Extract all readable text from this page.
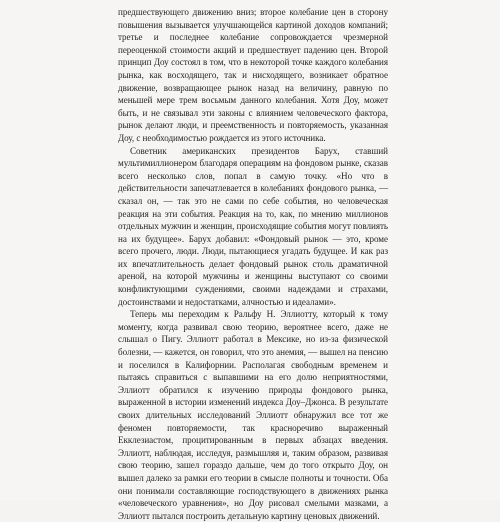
предшествующего движению вниз; второе колебание цен в сторону повышения вызывается улучшающейся картиной доходов компаний; третье и последнее колебание сопровождается чрезмерной переоценкой стоимости акций и предшествует падению цен. Второй принцип Доу состоял в том, что в некоторой точке каждого колебания рынка, как восходящего, так и нисходящего, возникает обратное движение, возвращающее рынок назад на величину, равную по меньшей мере трем восьмым данного колебания. Хотя Доу, может быть, и не связывал эти законы с влиянием человеческого фактора, рынок делают люди, и преемственность и повторяемость, указанная Доу, с необходимостью рождается из этого источника.

Советник американских президентов Барух, ставший мультимиллионером благодаря операциям на фондовом рынке, сказав всего несколько слов, попал в самую точку. «Но что в действительности запечатлевается в колебаниях фондового рынка, — сказал он, — так это не сами по себе события, но человеческая реакция на эти события. Реакция на то, как, по мнению миллионов отдельных мужчин и женщин, происходящие события могут повлиять на их будущее». Барух добавил: «Фондовый рынок — это, кроме всего прочего, люди. Люди, пытающиеся угадать будущее. И как раз их впечатлительность делает фондовый рынок столь драматичной ареной, на которой мужчины и женщины выступают со своими конфликтующими суждениями, своими надеждами и страхами, достоинствами и недостатками, алчностью и идеалами».

Теперь мы переходим к Ральфу Н. Эллиотту, который к тому моменту, когда развивал свою теорию, вероятнее всего, даже не слышал о Пигу. Эллиотт работал в Мексике, но из-за физической болезни, — кажется, он говорил, что это анемия, — вышел на пенсию и поселился в Калифорнии. Располагая свободным временем и пытаясь справиться с выпавшими на его долю неприятностями, Эллиотт обратился к изучению природы фондового рынка, выраженной в истории изменений индекса Доу–Джонса. В результате своих длительных исследований Эллиотт обнаружил все тот же феномен повторяемости, так красноречиво выраженный Екклезиастом, процитированным в первых абзацах введения. Эллиотт, наблюдая, исследуя, размышляя и, таким образом, развивая свою теорию, зашел гораздо дальше, чем до того открыто Доу, он вышел далеко за рамки его теории в смысле полноты и точности. Оба они понимали составляющие господствующего в движениях рынка «человеческого уравнения», но Доу рисовал смелыми мазками, а Эллиотт пытался построить детальную картину ценовых движений.
